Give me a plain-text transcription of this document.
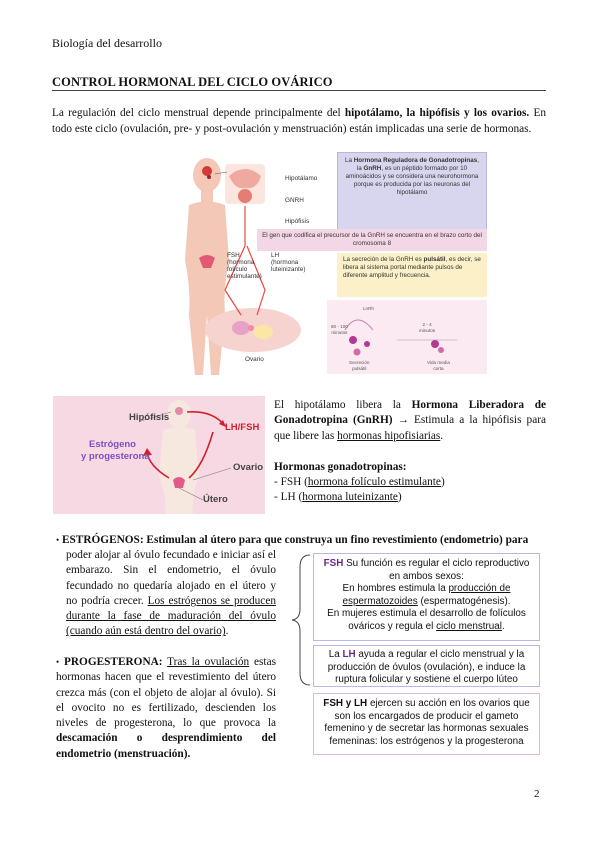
Biología del desarrollo
CONTROL HORMONAL DEL CICLO OVÁRICO
La regulación del ciclo menstrual depende principalmente del hipotálamo, la hipófisis y los ovarios. En todo este ciclo (ovulación, pre- y post-ovulación y menstruación) están implicadas una serie de hormonas.
Hipotálamo
GNRH
Hipófisis
FSH
(hormona
folículo
estimulante)
LH
(hormona
luteinizante)
Ovario
La Hormona Reguladora de Gonadotropinas, la GnRH, es un péptido formado por 10 aminoácidos y se considera una neurohormona porque es producida por las neuronas del hipotálamo
El gen que codifica el precursor de la GnRH se encuentra en el brazo corto del cromosoma 8
La secreción de la GnRH es pulsátil, es decir, se libera al sistema portal mediante pulsos de diferente amplitud y frecuencia.
LnRh
60 - 100
minutos
2 - 4
minutos
Secreción
pulsátil
Vida media
corta
Hipófisis
LH/FSH
Estrógeno
y progesterona
Ovario
Útero

El hipotálamo libera la Hormona Liberadora de Gonadotropina (GnRH) → Estimula a la hipófisis para que libere las hormonas hipofisiarias.

Hormonas gonadotropinas:

- FSH (hormona folículo estimulante)

- LH (hormona luteinizante)

• ESTRÓGENOS: Estimulan al útero para que construya un fino revestimiento (endometrio) para
poder alojar al óvulo fecundado e iniciar así el embarazo. Sin el endometrio, el óvulo fecundado no quedaría alojado en el útero y no podría crecer. Los estrógenos se producen durante la fase de maduración del óvulo (cuando aún está dentro del ovario).
• PROGESTERONA: Tras la ovulación estas hormonas hacen que el revestimiento del útero crezca más (con el objeto de alojar al óvulo). Si el ovocito no es fertilizado, descienden los niveles de progesterona, lo que provoca la descamación o desprendimiento del endometrio (menstruación).
FSH Su función es regular el ciclo reproductivo en ambos sexos:
En hombres estimula la producción de espermatozoides (espermatogénesis).
En mujeres estimula el desarrollo de folículos ováricos y regula el ciclo menstrual.
La LH ayuda a regular el ciclo menstrual y la producción de óvulos (ovulación), e induce la ruptura folicular y sostiene el cuerpo lúteo
FSH y LH ejercen su acción en los ovarios que son los encargados de producir el gameto femenino y de secretar las hormonas sexuales femeninas: los estrógenos y la progesterona
2
